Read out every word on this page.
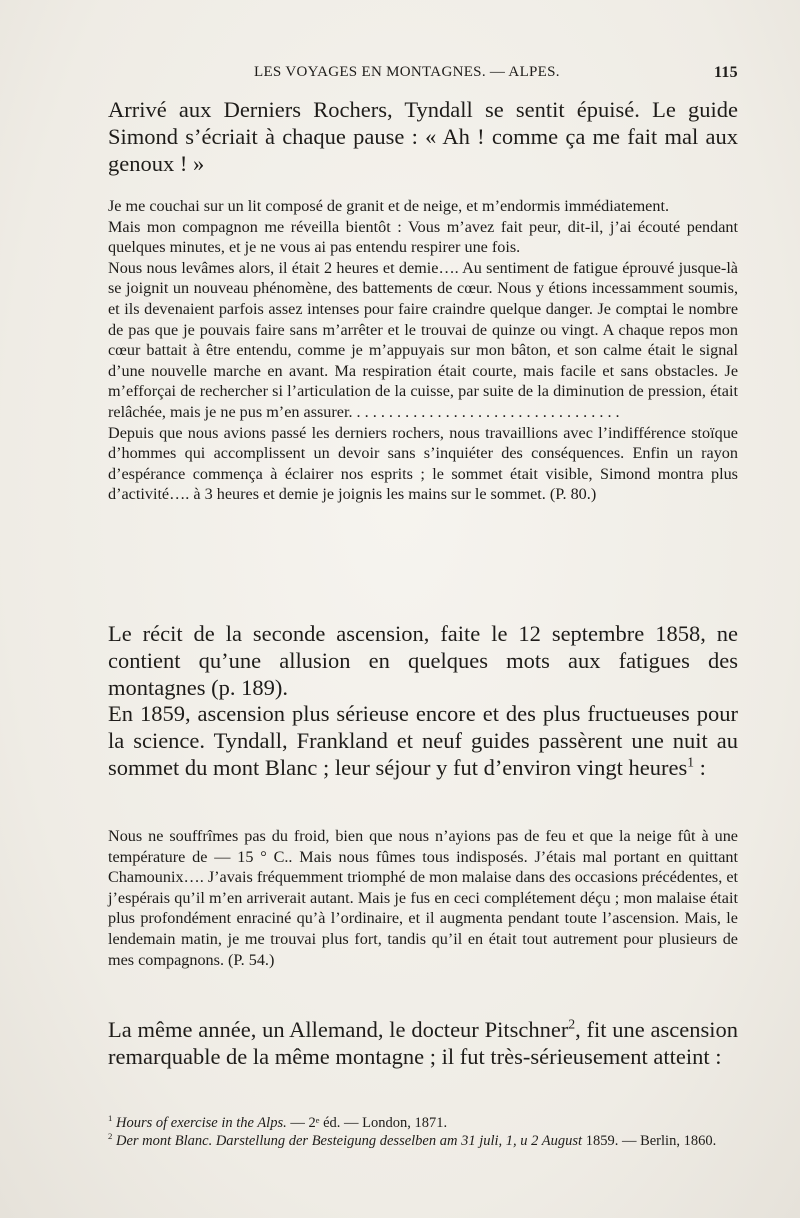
LES VOYAGES EN MONTAGNES. — ALPES.	115

Arrivé aux Derniers Rochers, Tyndall se sentit épuisé. Le guide Simond s’écriait à chaque pause : « Ah ! comme ça me fait mal aux genoux ! »

Je me couchai sur un lit composé de granit et de neige, et m’endormis immédiatement.

Mais mon compagnon me réveilla bientôt : Vous m’avez fait peur, dit-il, j’ai écouté pendant quelques minutes, et je ne vous ai pas entendu respirer une fois.

Nous nous levâmes alors, il était 2 heures et demie…. Au sentiment de fatigue éprouvé jusque-là se joignit un nouveau phénomène, des battements de cœur. Nous y étions incessamment soumis, et ils devenaient parfois assez intenses pour faire craindre quelque danger. Je comptai le nombre de pas que je pouvais faire sans m’arrêter et le trouvai de quinze ou vingt. A chaque repos mon cœur battait à être entendu, comme je m’appuyais sur mon bâton, et son calme était le signal d’une nouvelle marche en avant. Ma respiration était courte, mais facile et sans obstacles. Je m’efforçai de rechercher si l’articulation de la cuisse, par suite de la diminution de pression, était relâchée, mais je ne pus m’en assurer. . . . . . . . . . . . . . . . . . . . . . . . . . . . . . . . . .

Depuis que nous avions passé les derniers rochers, nous travaillions avec l’indifférence stoïque d’hommes qui accomplissent un devoir sans s’inquiéter des conséquences. Enfin un rayon d’espérance commença à éclairer nos esprits ; le sommet était visible, Simond montra plus d’activité…. à 3 heures et demie je joignis les mains sur le sommet. (P. 80.)

Le récit de la seconde ascension, faite le 12 septembre 1858, ne contient qu’une allusion en quelques mots aux fatigues des montagnes (p. 189).

En 1859, ascension plus sérieuse encore et des plus fructueuses pour la science. Tyndall, Frankland et neuf guides passèrent une nuit au sommet du mont Blanc ; leur séjour y fut d’environ vingt heures$^1$ :

Nous ne souffrîmes pas du froid, bien que nous n’ayions pas de feu et que la neige fût à une température de — 15 ° C.. Mais nous fûmes tous indisposés. J’étais mal portant en quittant Chamounix…. J’avais fréquemment triomphé de mon malaise dans des occasions précédentes, et j’espérais qu’il m’en arriverait autant. Mais je fus en ceci complétement déçu ; mon malaise était plus profondément enraciné qu’à l’ordinaire, et il augmenta pendant toute l’ascension. Mais, le lendemain matin, je me trouvai plus fort, tandis qu’il en était tout autrement pour plusieurs de mes compagnons. (P. 54.)

La même année, un Allemand, le docteur Pitschner$^2$, fit une ascension remarquable de la même montagne ; il fut très-sérieusement atteint :

$^1$ Hours of exercise in the Alps. — 2ᵉ éd. — London, 1871.
$^2$ Der mont Blanc. Darstellung der Besteigung desselben am 31 juli, 1, u 2 August 1859. — Berlin, 1860.
